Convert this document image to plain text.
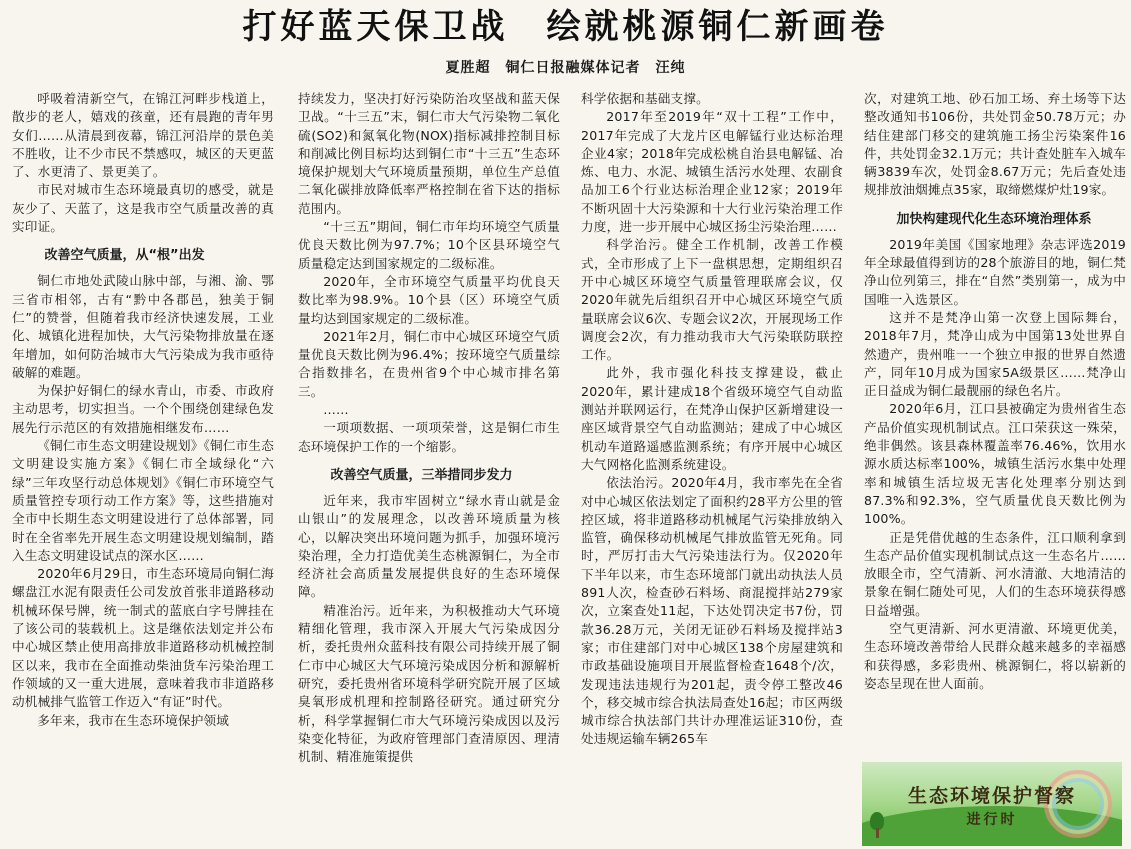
打好蓝天保卫战　绘就桃源铜仁新画卷
夏胜超　铜仁日报融媒体记者　汪纯

呼吸着清新空气，在锦江河畔步栈道上，散步的老人，嬉戏的孩童，还有晨跑的青年男女们……从清晨到夜幕，锦江河沿岸的景色美不胜收，让不少市民不禁感叹，城区的天更蓝了、水更清了、景更美了。

市民对城市生态环境最真切的感受，就是灰少了、天蓝了，这是我市空气质量改善的真实印证。

改善空气质量，从“根”出发

铜仁市地处武陵山脉中部，与湘、渝、鄂三省市相邻，古有“黔中各郡邑，独美于铜仁”的赞誉，但随着我市经济快速发展，工业化、城镇化进程加快，大气污染物排放量在逐年增加，如何防治城市大气污染成为我市亟待破解的难题。

为保护好铜仁的绿水青山，市委、市政府主动思考，切实担当。一个个围绕创建绿色发展先行示范区的有效措施相继发布……

《铜仁市生态文明建设规划》《铜仁市生态文明建设实施方案》《铜仁市全域绿化“六绿”三年攻坚行动总体规划》《铜仁市环境空气质量管控专项行动工作方案》等，这些措施对全市中长期生态文明建设进行了总体部署，同时在全省率先开展生态文明建设规划编制，踏入生态文明建设试点的深水区……

2020年6月29日，市生态环境局向铜仁海螺盘江水泥有限责任公司发放首张非道路移动机械环保号牌，统一制式的蓝底白字号牌挂在了该公司的装载机上。这是继依法划定并公布中心城区禁止使用高排放非道路移动机械控制区以来，我市在全面推动柴油货车污染治理工作领域的又一重大进展，意味着我市非道路移动机械排气监管工作迈入“有证”时代。

多年来，我市在生态环境保护领域

持续发力，坚决打好污染防治攻坚战和蓝天保卫战。“十三五”末，铜仁市大气污染物二氧化硫(SO2)和氮氧化物(NOX)指标减排控制目标和削减比例目标均达到铜仁市“十三五”生态环境保护规划大气环境质量预期，单位生产总值二氧化碳排放降低率严格控制在省下达的指标范围内。

“十三五”期间，铜仁市年均环境空气质量优良天数比例为97.7%；10个区县环境空气质量稳定达到国家规定的二级标准。

2020年，全市环境空气质量平均优良天数比率为98.9%。10个县（区）环境空气质量均达到国家规定的二级标准。

2021年2月，铜仁市中心城区环境空气质量优良天数比例为96.4%；按环境空气质量综合指数排名，在贵州省9个中心城市排名第三。

……

一项项数据、一项项荣誉，这是铜仁市生态环境保护工作的一个缩影。

改善空气质量，三举措同步发力

近年来，我市牢固树立“绿水青山就是金山银山”的发展理念，以改善环境质量为核心，以解决突出环境问题为抓手，加强环境污染治理，全力打造优美生态桃源铜仁，为全市经济社会高质量发展提供良好的生态环境保障。

精准治污。近年来，为积极推动大气环境精细化管理，我市深入开展大气污染成因分析，委托贵州众蓝科技有限公司持续开展了铜仁市中心城区大气环境污染成因分析和源解析研究，委托贵州省环境科学研究院开展了区域臭氧形成机理和控制路径研究。通过研究分析，科学掌握铜仁市大气环境污染成因以及污染变化特征，为政府管理部门查清原因、理清机制、精准施策提供

科学依据和基础支撑。

2017年至2019年“双十工程”工作中，2017年完成了大龙片区电解锰行业达标治理企业4家；2018年完成松桃自治县电解锰、冶炼、电力、水泥、城镇生活污水处理、农副食品加工6个行业达标治理企业12家；2019年不断巩固十大污染源和十大行业污染治理工作力度，进一步开展中心城区扬尘污染治理……

科学治污。健全工作机制，改善工作模式，全市形成了上下一盘棋思想，定期组织召开中心城区环境空气质量管理联席会议，仅2020年就先后组织召开中心城区环境空气质量联席会议6次、专题会议2次，开展现场工作调度会2次，有力推动我市大气污染联防联控工作。

此外，我市强化科技支撑建设，截止2020年，累计建成18个省级环境空气自动监测站并联网运行，在梵净山保护区新增建设一座区域背景空气自动监测站；建成了中心城区机动车道路遥感监测系统；有序开展中心城区大气网格化监测系统建设。

依法治污。2020年4月，我市率先在全省对中心城区依法划定了面积约28平方公里的管控区域，将非道路移动机械尾气污染排放纳入监管，确保移动机械尾气排放监管无死角。同时，严厉打击大气污染违法行为。仅2020年下半年以来，市生态环境部门就出动执法人员891人次，检查砂石料场、商混搅拌站279家次，立案查处11起，下达处罚决定书7份，罚款36.28万元，关闭无证砂石料场及搅拌站3家；市住建部门对中心城区138个房屋建筑和市政基础设施项目开展监督检查1648个/次，发现违法违规行为201起，责令停工整改46个，移交城市综合执法局查处16起；市区两级城市综合执法部门共计办理准运证310份，查处违规运输车辆265车

次，对建筑工地、砂石加工场、弃土场等下达整改通知书106份，共处罚金50.78万元；办结住建部门移交的建筑施工扬尘污染案件16件，共处罚金32.1万元；共计查处脏车入城车辆3839车次，处罚金8.67万元；先后查处违规排放油烟摊点35家，取缔燃煤炉灶19家。

加快构建现代化生态环境治理体系

2019年美国《国家地理》杂志评选2019年全球最值得到访的28个旅游目的地，铜仁梵净山位列第三，排在“自然”类别第一，成为中国唯一入选景区。

这并不是梵净山第一次登上国际舞台，2018年7月，梵净山成为中国第13处世界自然遗产，贵州唯一一个独立申报的世界自然遗产，同年10月成为国家5A级景区……梵净山正日益成为铜仁最靓丽的绿色名片。

2020年6月，江口县被确定为贵州省生态产品价值实现机制试点。江口荣获这一殊荣，绝非偶然。该县森林覆盖率76.46%，饮用水源水质达标率100%，城镇生活污水集中处理率和城镇生活垃圾无害化处理率分别达到87.3%和92.3%，空气质量优良天数比例为100%。

正是凭借优越的生态条件，江口顺利拿到生态产品价值实现机制试点这一生态名片……放眼全市，空气清新、河水清澈、大地清洁的景象在铜仁随处可见，人们的生态环境获得感日益增强。

空气更清新、河水更清澈、环境更优美，生态环境改善带给人民群众越来越多的幸福感和获得感，多彩贵州、桃源铜仁，将以崭新的姿态呈现在世人面前。

生态环境保护督察
进行时
